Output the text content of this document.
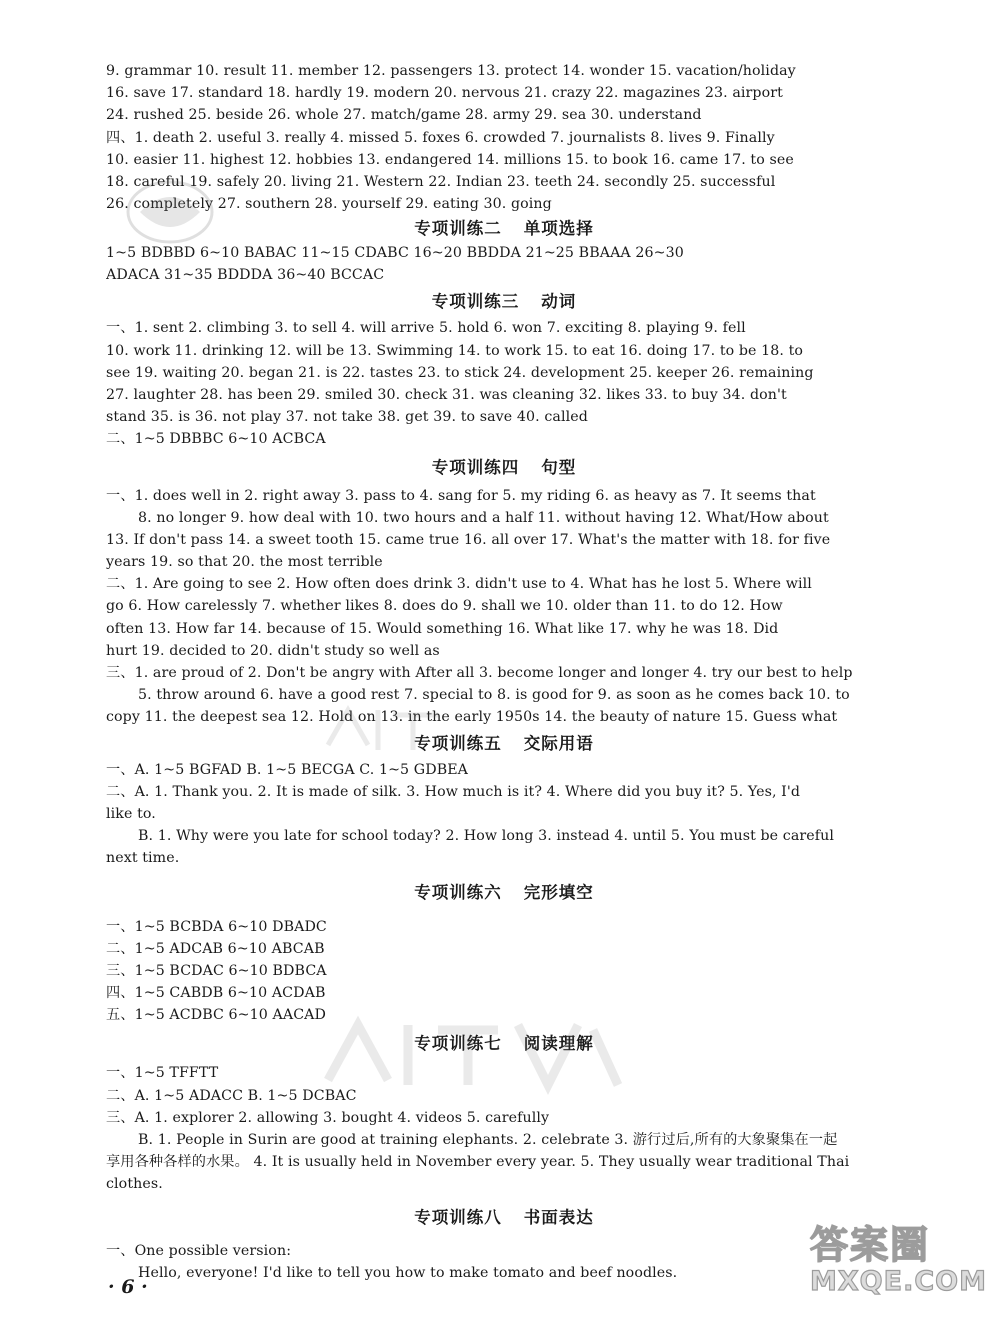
9. grammar 10. result 11. member 12. passengers 13. protect 14. wonder 15. vacation/holiday
16. save 17. standard 18. hardly 19. modern 20. nervous 21. crazy 22. magazines 23. airport
24. rushed 25. beside 26. whole 27. match/game 28. army 29. sea 30. understand
四、1. death 2. useful 3. really 4. missed 5. foxes 6. crowded 7. journalists 8. lives 9. Finally
10. easier 11. highest 12. hobbies 13. endangered 14. millions 15. to book 16. came 17. to see
18. careful 19. safely 20. living 21. Western 22. Indian 23. teeth 24. secondly 25. successful
26. completely 27. southern 28. yourself 29. eating 30. going
专项训练二 单项选择
1~5 BDBBD 6~10 BABAC 11~15 CDABC 16~20 BBDDA 21~25 BBAAA 26~30
ADACA 31~35 BDDDA 36~40 BCCAC
专项训练三 动词
一、1. sent 2. climbing 3. to sell 4. will arrive 5. hold 6. won 7. exciting 8. playing 9. fell
10. work 11. drinking 12. will be 13. Swimming 14. to work 15. to eat 16. doing 17. to be 18. to
see 19. waiting 20. began 21. is 22. tastes 23. to stick 24. development 25. keeper 26. remaining
27. laughter 28. has been 29. smiled 30. check 31. was cleaning 32. likes 33. to buy 34. don't
stand 35. is 36. not play 37. not take 38. get 39. to save 40. called
二、1~5 DBBBC 6~10 ACBCA
专项训练四 句型
一、1. does well in 2. right away 3. pass to 4. sang for 5. my riding 6. as heavy as 7. It seems that
8. no longer 9. how deal with 10. two hours and a half 11. without having 12. What/How about
13. If don't pass 14. a sweet tooth 15. came true 16. all over 17. What's the matter with 18. for five
years 19. so that 20. the most terrible
二、1. Are going to see 2. How often does drink 3. didn't use to 4. What has he lost 5. Where will
go 6. How carelessly 7. whether likes 8. does do 9. shall we 10. older than 11. to do 12. How
often 13. How far 14. because of 15. Would something 16. What like 17. why he was 18. Did
hurt 19. decided to 20. didn't study so well as
三、1. are proud of 2. Don't be angry with After all 3. become longer and longer 4. try our best to help
5. throw around 6. have a good rest 7. special to 8. is good for 9. as soon as he comes back 10. to
copy 11. the deepest sea 12. Hold on 13. in the early 1950s 14. the beauty of nature 15. Guess what
专项训练五 交际用语
一、A. 1~5 BGFAD B. 1~5 BECGA C. 1~5 GDBEA
二、A. 1. Thank you. 2. It is made of silk. 3. How much is it? 4. Where did you buy it? 5. Yes, I'd
like to.
B. 1. Why were you late for school today? 2. How long 3. instead 4. until 5. You must be careful
next time.
专项训练六 完形填空
一、1~5 BCBDA 6~10 DBADC
二、1~5 ADCAB 6~10 ABCAB
三、1~5 BCDAC 6~10 BDBCA
四、1~5 CABDB 6~10 ACDAB
五、1~5 ACDBC 6~10 AACAD
专项训练七 阅读理解
一、1~5 TFFTT
二、A. 1~5 ADACC B. 1~5 DCBAC
三、A. 1. explorer 2. allowing 3. bought 4. videos 5. carefully
B. 1. People in Surin are good at training elephants. 2. celebrate 3. 游行过后,所有的大象聚集在一起
享用各种各样的水果。 4. It is usually held in November every year. 5. They usually wear traditional Thai
clothes.
专项训练八 书面表达
一、One possible version:
Hello, everyone! I'd like to tell you how to make tomato and beef noodles.
· 6 ·
答案圈
MXQE.COM
